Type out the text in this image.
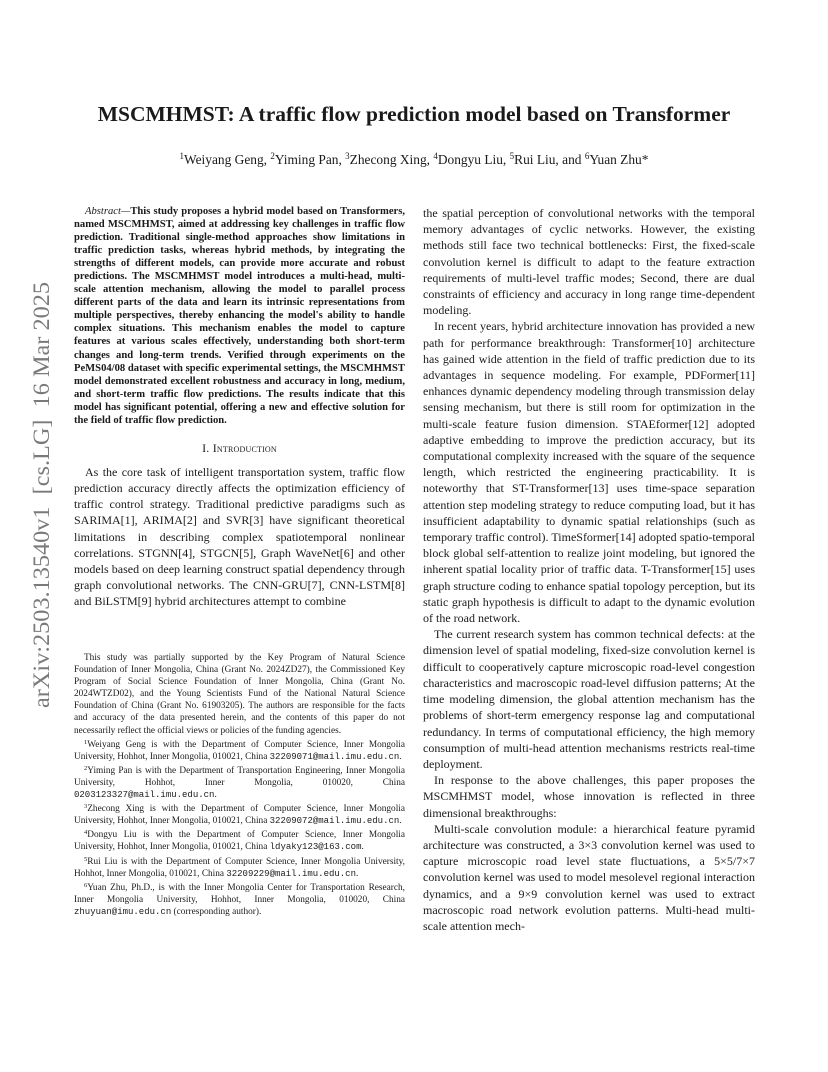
arXiv:2503.13540v1  [cs.LG]  16 Mar 2025
MSCMHMST: A traffic flow prediction model based on Transformer
$^1$Weiyang Geng, $^2$Yiming Pan, $^3$Zhecong Xing, $^4$Dongyu Liu, $^5$Rui Liu, and $^6$Yuan Zhu*

Abstract—This study proposes a hybrid model based on Transformers, named MSCMHMST, aimed at addressing key challenges in traffic flow prediction. Traditional single-method approaches show limitations in traffic prediction tasks, whereas hybrid methods, by integrating the strengths of different models, can provide more accurate and robust predictions. The MSCMHMST model introduces a multi-head, multi-scale attention mechanism, allowing the model to parallel process different parts of the data and learn its intrinsic representations from multiple perspectives, thereby enhancing the model's ability to handle complex situations. This mechanism enables the model to capture features at various scales effectively, understanding both short-term changes and long-term trends. Verified through experiments on the PeMS04/08 dataset with specific experimental settings, the MSCMHMST model demonstrated excellent robustness and accuracy in long, medium, and short-term traffic flow predictions. The results indicate that this model has significant potential, offering a new and effective solution for the field of traffic flow prediction.

I. Introduction

As the core task of intelligent transportation system, traffic flow prediction accuracy directly affects the optimization efficiency of traffic control strategy. Traditional predictive paradigms such as SARIMA[1], ARIMA[2] and SVR[3] have significant theoretical limitations in describing complex spatiotemporal nonlinear correlations. STGNN[4], STGCN[5], Graph WaveNet[6] and other models based on deep learning construct spatial dependency through graph convolutional networks. The CNN-GRU[7], CNN-LSTM[8] and BiLSTM[9] hybrid architectures attempt to combine

This study was partially supported by the Key Program of Natural Science Foundation of Inner Mongolia, China (Grant No. 2024ZD27), the Commissioned Key Program of Social Science Foundation of Inner Mongolia, China (Grant No. 2024WTZD02), and the Young Scientists Fund of the National Natural Science Foundation of China (Grant No. 61903205). The authors are responsible for the facts and accuracy of the data presented herein, and the contents of this paper do not necessarily reflect the official views or policies of the funding agencies.

$^1$Weiyang Geng is with the Department of Computer Science, Inner Mongolia University, Hohhot, Inner Mongolia, 010021, China 32209071@mail.imu.edu.cn.

$^2$Yiming Pan is with the Department of Transportation Engineering, Inner Mongolia University, Hohhot, Inner Mongolia, 010020, China 0203123327@mail.imu.edu.cn.

$^3$Zhecong Xing is with the Department of Computer Science, Inner Mongolia University, Hohhot, Inner Mongolia, 010021, China 32209072@mail.imu.edu.cn.

$^4$Dongyu Liu is with the Department of Computer Science, Inner Mongolia University, Hohhot, Inner Mongolia, 010021, China ldyaky123@163.com.

$^5$Rui Liu is with the Department of Computer Science, Inner Mongolia University, Hohhot, Inner Mongolia, 010021, China 32209229@mail.imu.edu.cn.

$^6$Yuan Zhu, Ph.D., is with the Inner Mongolia Center for Transportation Research, Inner Mongolia University, Hohhot, Inner Mongolia, 010020, China zhuyuan@imu.edu.cn (corresponding author).

the spatial perception of convolutional networks with the temporal memory advantages of cyclic networks. However, the existing methods still face two technical bottlenecks: First, the fixed-scale convolution kernel is difficult to adapt to the feature extraction requirements of multi-level traffic modes; Second, there are dual constraints of efficiency and accuracy in long range time-dependent modeling.

In recent years, hybrid architecture innovation has provided a new path for performance breakthrough: Transformer[10] architecture has gained wide attention in the field of traffic prediction due to its advantages in sequence modeling. For example, PDFormer[11] enhances dynamic dependency modeling through transmission delay sensing mechanism, but there is still room for optimization in the multi-scale feature fusion dimension. STAEformer[12] adopted adaptive embedding to improve the prediction accuracy, but its computational complexity increased with the square of the sequence length, which restricted the engineering practicability. It is noteworthy that ST-Transformer[13] uses time-space separation attention step modeling strategy to reduce computing load, but it has insufficient adaptability to dynamic spatial relationships (such as temporary traffic control). TimeSformer[14] adopted spatio-temporal block global self-attention to realize joint modeling, but ignored the inherent spatial locality prior of traffic data. T-Transformer[15] uses graph structure coding to enhance spatial topology perception, but its static graph hypothesis is difficult to adapt to the dynamic evolution of the road network.

The current research system has common technical defects: at the dimension level of spatial modeling, fixed-size convolution kernel is difficult to cooperatively capture microscopic road-level congestion characteristics and macroscopic road-level diffusion patterns; At the time modeling dimension, the global attention mechanism has the problems of short-term emergency response lag and computational redundancy. In terms of computational efficiency, the high memory consumption of multi-head attention mechanisms restricts real-time deployment.

In response to the above challenges, this paper proposes the MSCMHMST model, whose innovation is reflected in three dimensional breakthroughs:

Multi-scale convolution module: a hierarchical feature pyramid architecture was constructed, a 3×3 convolution kernel was used to capture microscopic road level state fluctuations, a 5×5/7×7 convolution kernel was used to model mesolevel regional interaction dynamics, and a 9×9 convolution kernel was used to extract macroscopic road network evolution patterns. Multi-head multi-scale attention mech-
